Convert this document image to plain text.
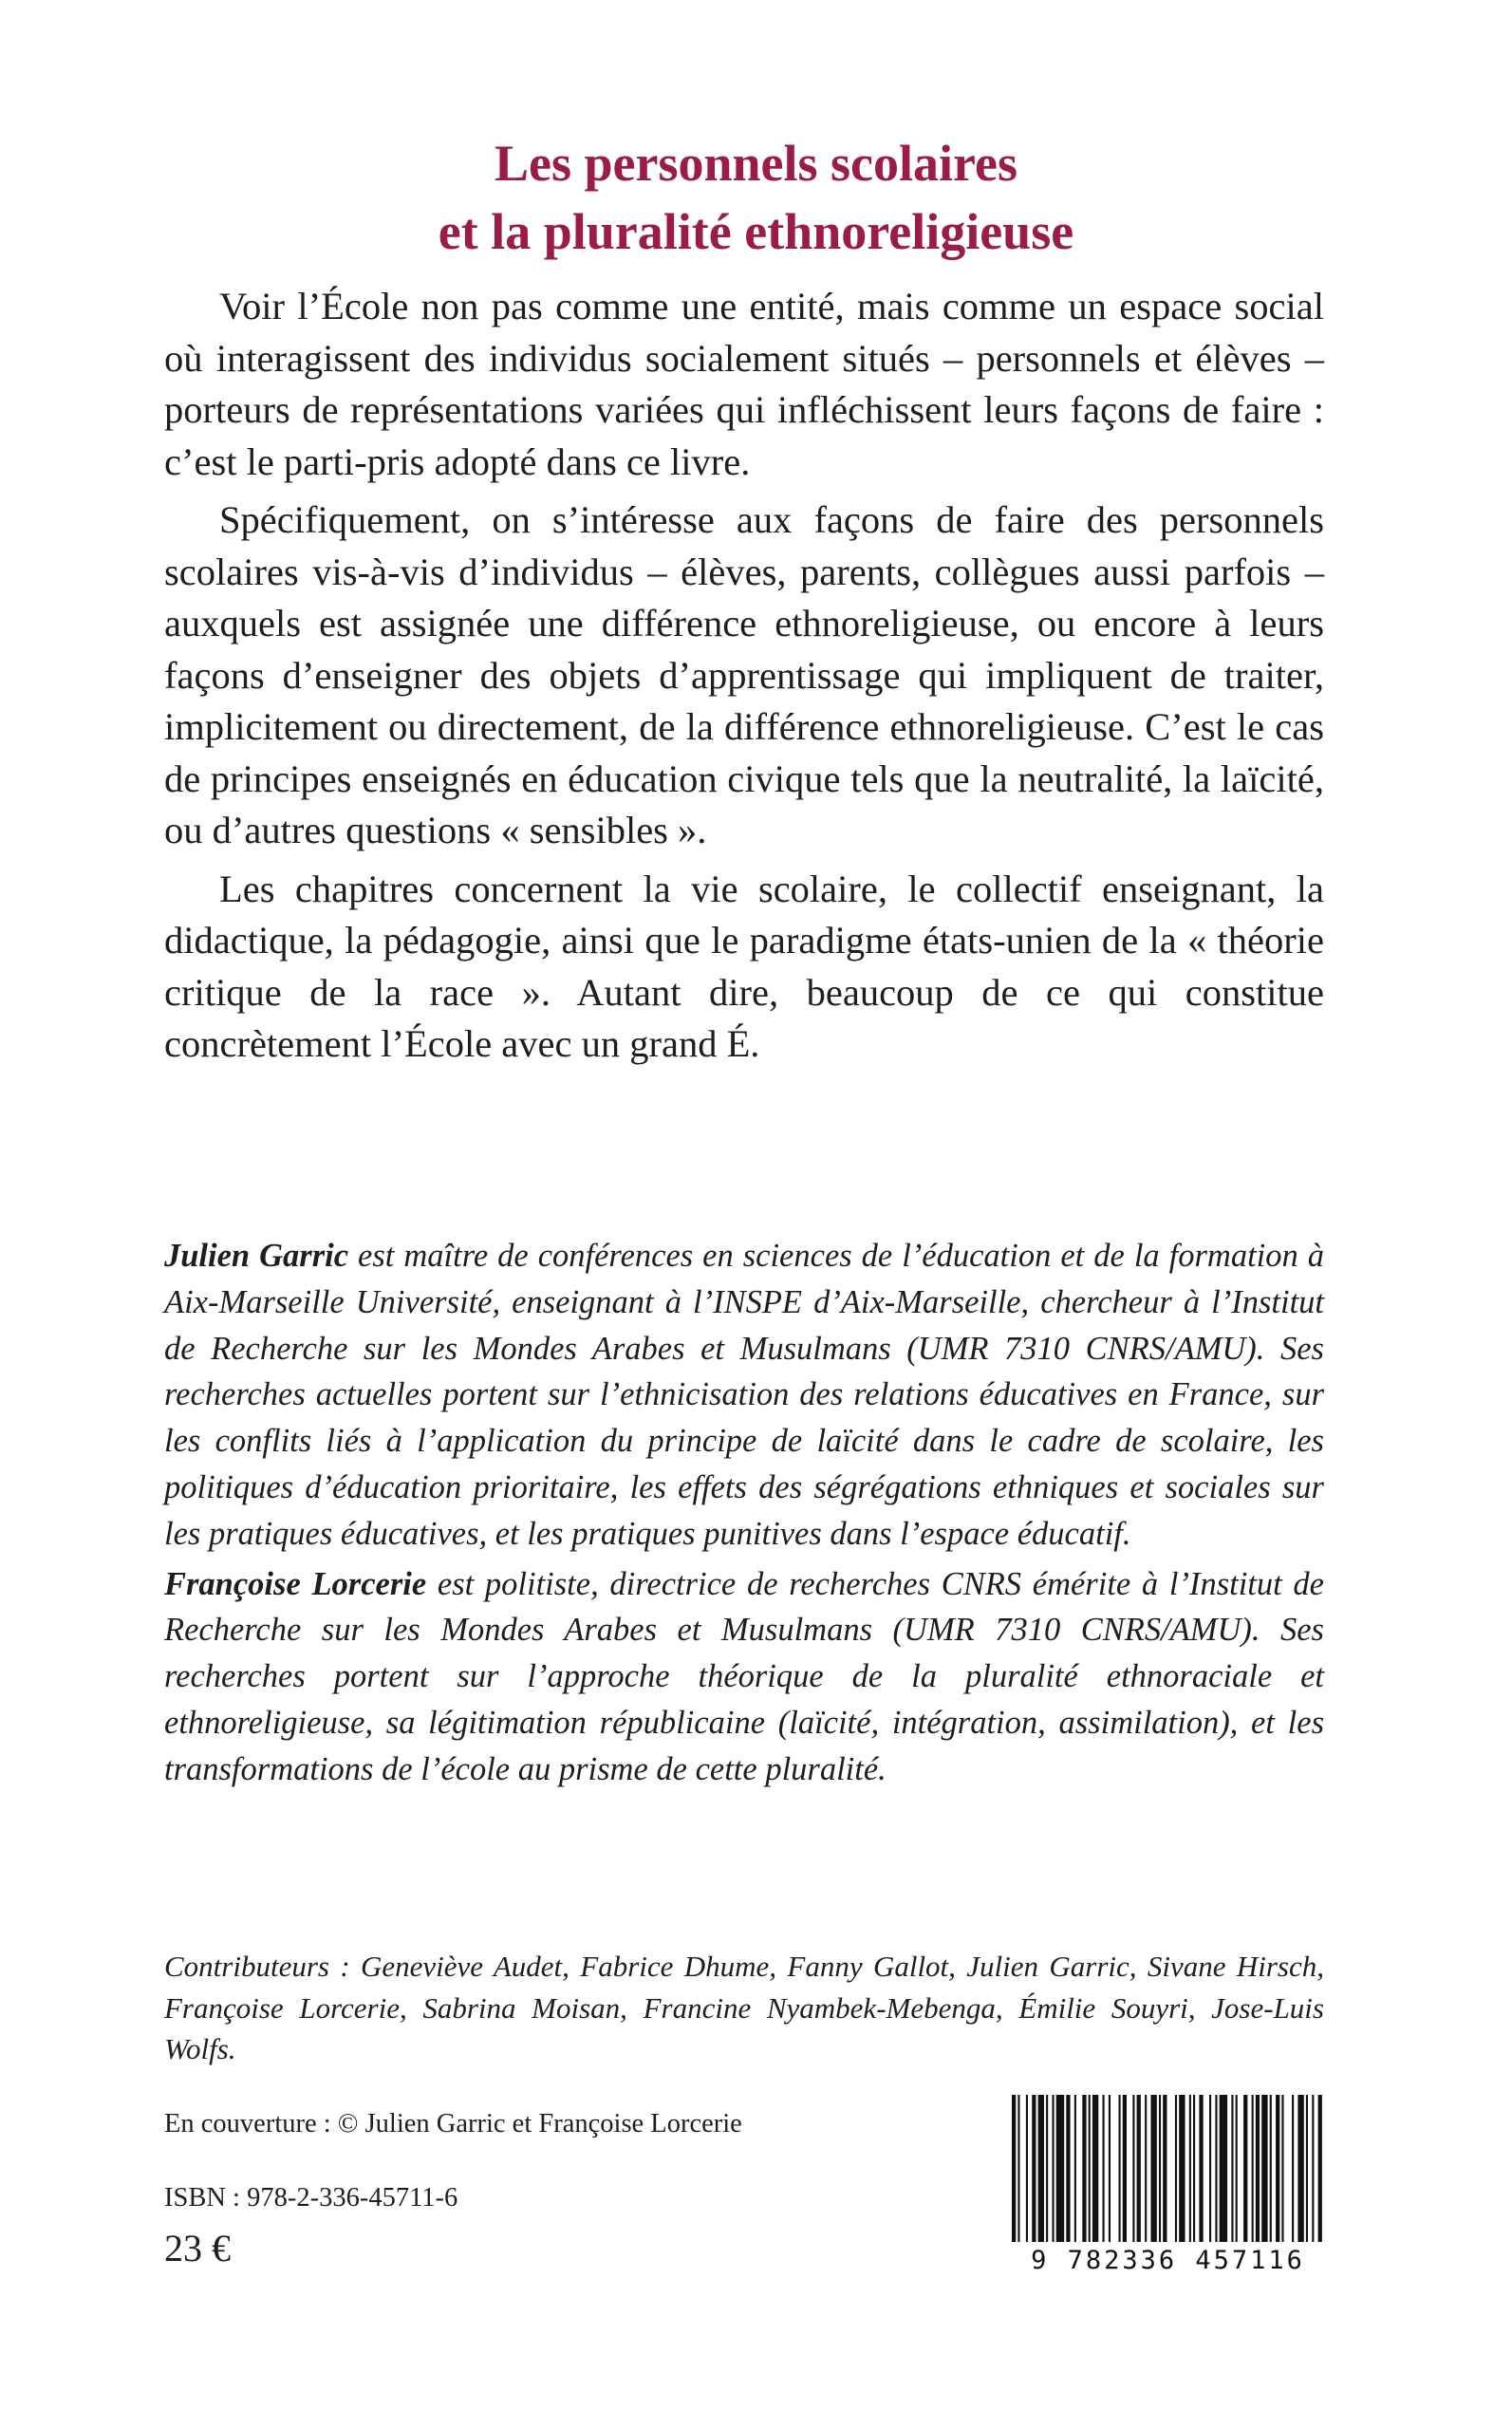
Les personnels scolaires
et la pluralité ethnoreligieuse

Voir l’École non pas comme une entité, mais comme un espace social où interagissent des individus socialement situés – personnels et élèves – porteurs de représentations variées qui infléchissent leurs façons de faire : c’est le parti-pris adopté dans ce livre.

Spécifiquement, on s’intéresse aux façons de faire des personnels scolaires vis-à-vis d’individus – élèves, parents, collègues aussi parfois – auxquels est assignée une différence ethnoreligieuse, ou encore à leurs façons d’enseigner des objets d’apprentissage qui impliquent de traiter, implicitement ou directement, de la différence ethnoreligieuse. C’est le cas de principes enseignés en éducation civique tels que la neutralité, la laïcité, ou d’autres questions « sensibles ».

Les chapitres concernent la vie scolaire, le collectif enseignant, la didactique, la pédagogie, ainsi que le paradigme états-unien de la « théorie critique de la race ». Autant dire, beaucoup de ce qui constitue concrètement l’École avec un grand É.

Julien Garric est maître de conférences en sciences de l’éducation et de la formation à Aix-Marseille Université, enseignant à l’INSPE d’Aix-Marseille, chercheur à l’Institut de Recherche sur les Mondes Arabes et Musulmans (UMR 7310 CNRS/AMU). Ses recherches actuelles portent sur l’ethnicisation des relations éducatives en France, sur les conflits liés à l’application du principe de laïcité dans le cadre de scolaire, les politiques d’éducation prioritaire, les effets des ségrégations ethniques et sociales sur les pratiques éducatives, et les pratiques punitives dans l’espace éducatif.

Françoise Lorcerie est politiste, directrice de recherches CNRS émérite à l’Institut de Recherche sur les Mondes Arabes et Musulmans (UMR 7310 CNRS/AMU). Ses recherches portent sur l’approche théorique de la pluralité ethnoraciale et ethnoreligieuse, sa légitimation républicaine (laïcité, intégration, assimilation), et les transformations de l’école au prisme de cette pluralité.

Contributeurs : Geneviève Audet, Fabrice Dhume, Fanny Gallot, Julien Garric, Sivane Hirsch, Françoise Lorcerie, Sabrina Moisan, Francine Nyambek-Mebenga, Émilie Souyri, Jose-Luis Wolfs.

En couverture : © Julien Garric et Françoise Lorcerie
ISBN : 978-2-336-45711-6
23 €	9 782336 457116
